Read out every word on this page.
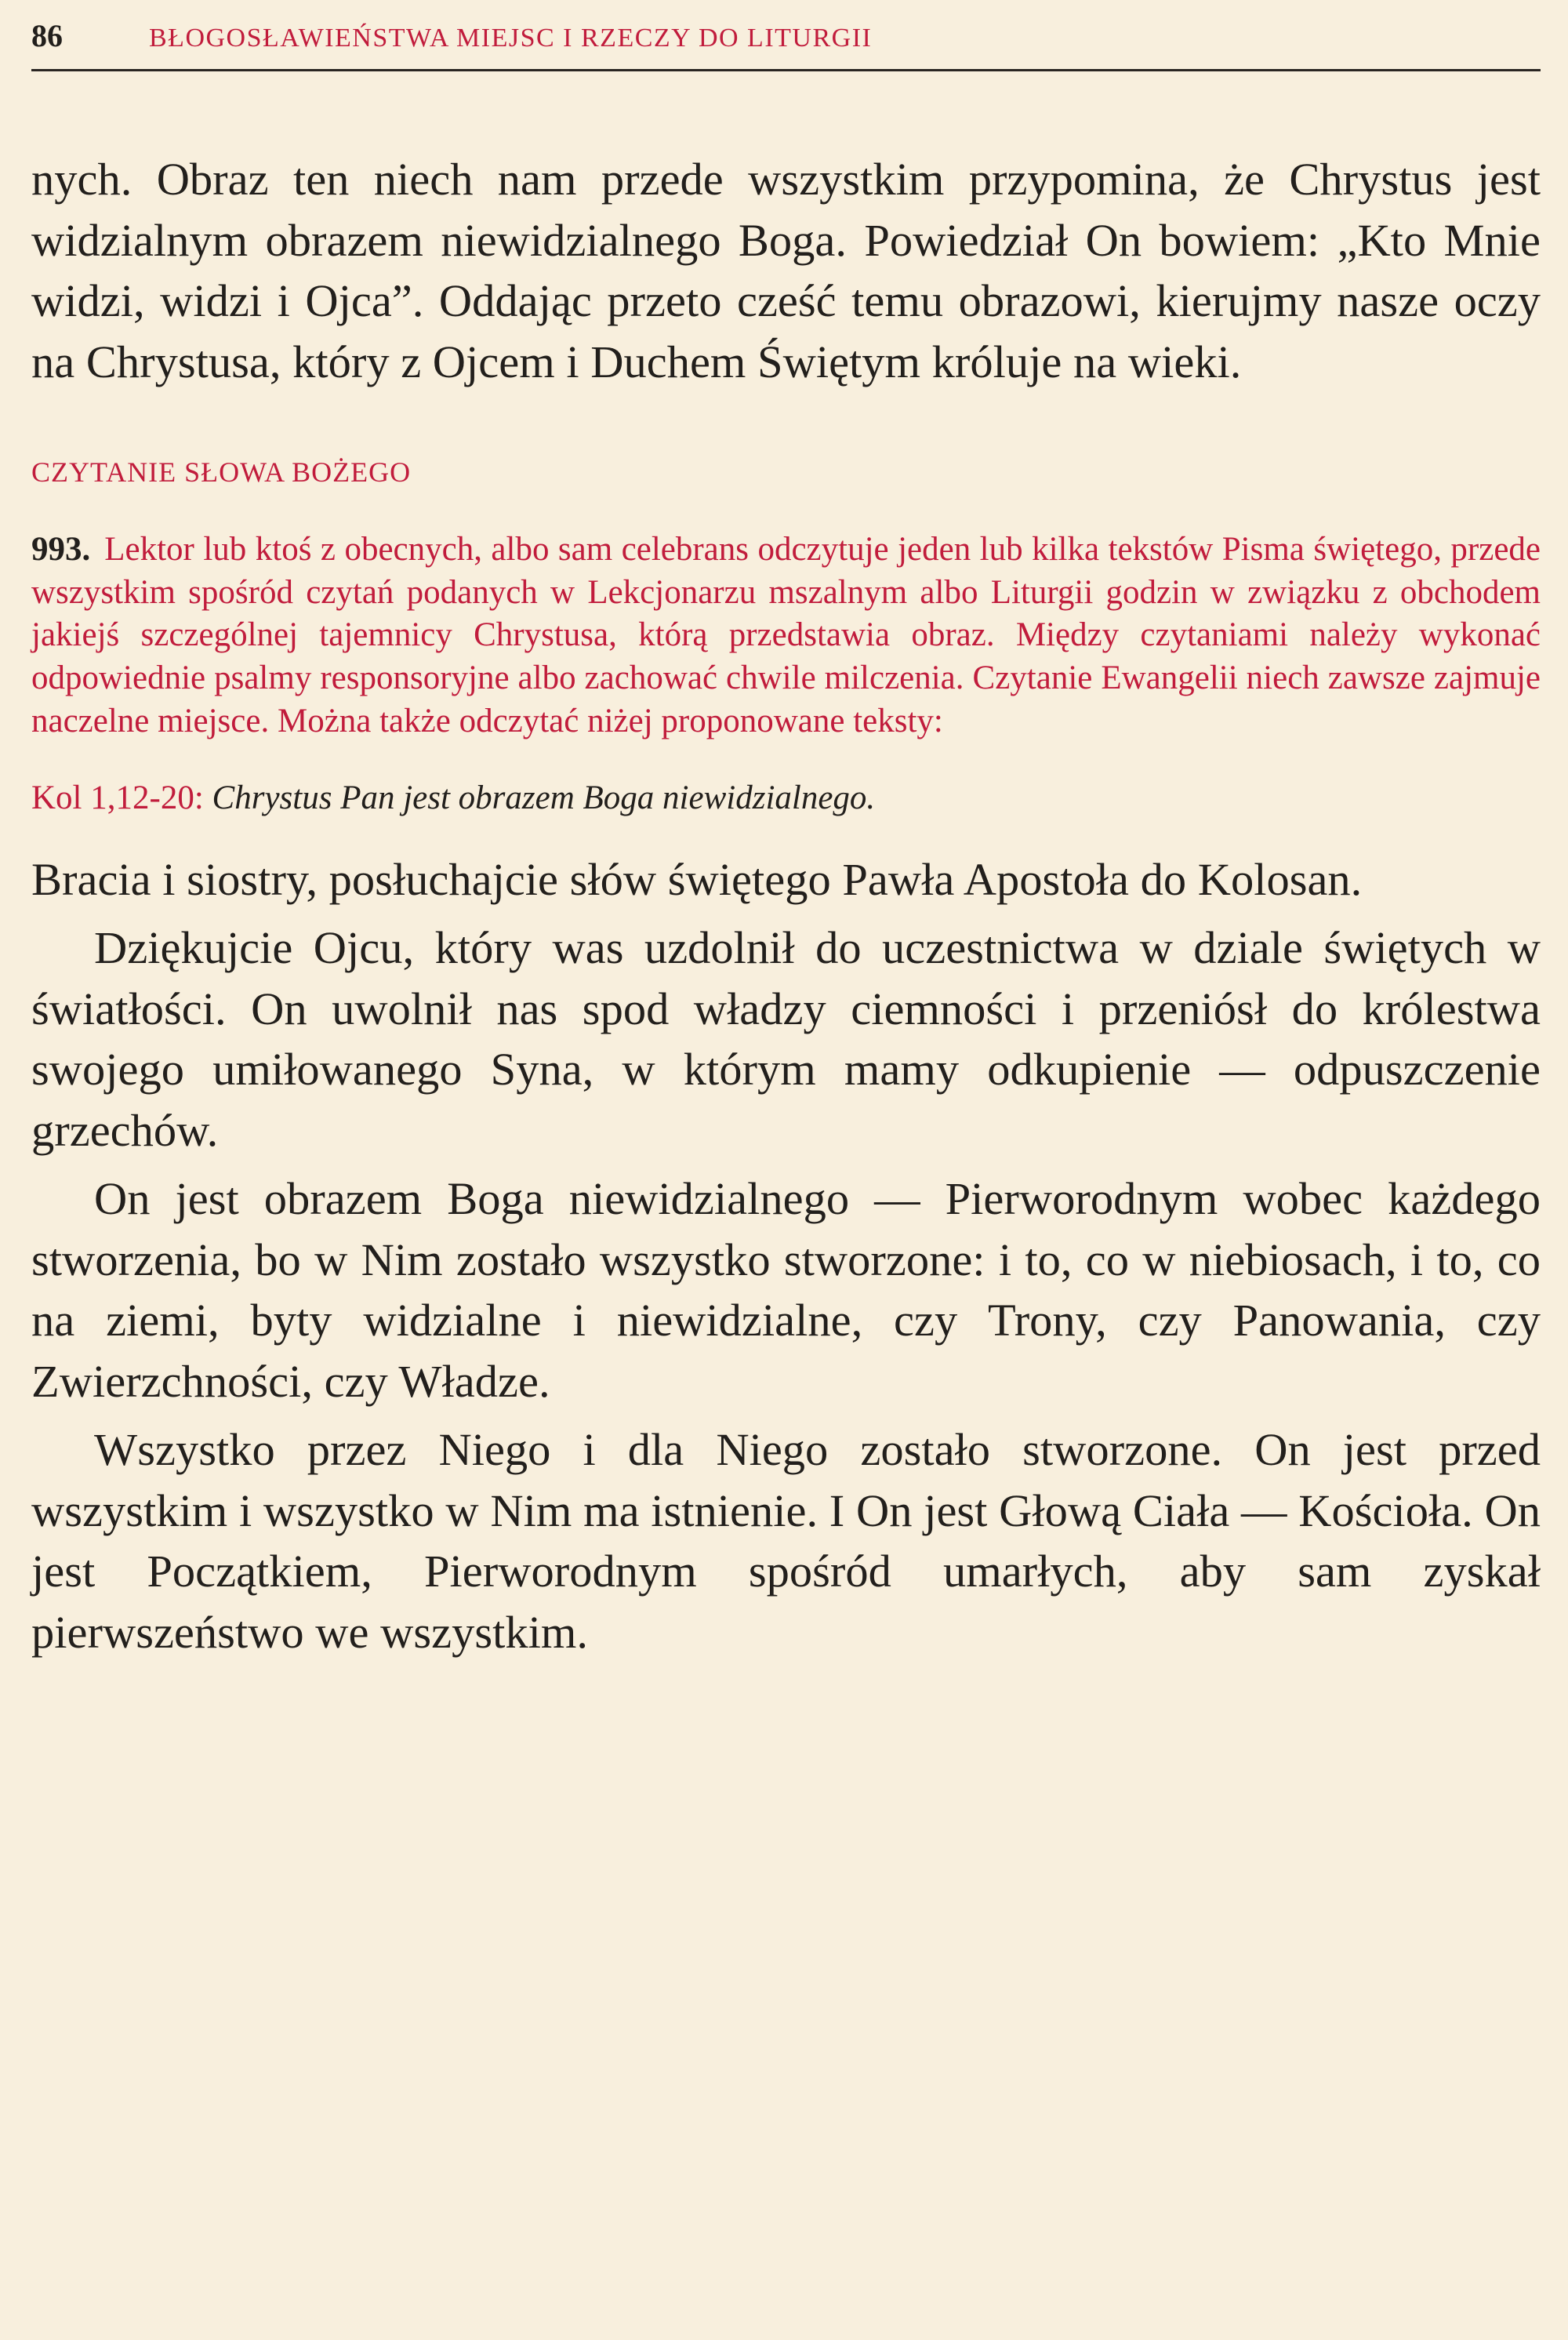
86	BŁOGOSŁAWIEŃSTWA MIEJSC I RZECZY DO LITURGII

nych. Obraz ten niech nam przede wszystkim przypomina, że Chrystus jest widzialnym obrazem niewidzialnego Boga. Powiedział On bowiem: „Kto Mnie widzi, widzi i Ojca”. Oddając przeto cześć temu obrazowi, kierujmy nasze oczy na Chrystusa, który z Ojcem i Duchem Świętym króluje na wieki.

CZYTANIE SŁOWA BOŻEGO

993. Lektor lub ktoś z obecnych, albo sam celebrans odczytuje jeden lub kilka tekstów Pisma świętego, przede wszystkim spośród czytań podanych w Lekcjonarzu mszalnym albo Liturgii godzin w związku z obchodem jakiejś szczególnej tajemnicy Chrystusa, którą przedstawia obraz. Między czytaniami należy wykonać odpowiednie psalmy responsoryjne albo zachować chwile milczenia. Czytanie Ewangelii niech zawsze zajmuje naczelne miejsce. Można także odczytać niżej proponowane teksty:

Kol 1,12-20: Chrystus Pan jest obrazem Boga niewidzialnego.

Bracia i siostry, posłuchajcie słów świętego Pawła Apostoła do Kolosan.

Dziękujcie Ojcu, który was uzdolnił do uczestnictwa w dziale świętych w światłości. On uwolnił nas spod władzy ciemności i przeniósł do królestwa swojego umiłowanego Syna, w którym mamy odkupienie — odpuszczenie grzechów.

On jest obrazem Boga niewidzialnego — Pierworodnym wobec każdego stworzenia, bo w Nim zostało wszystko stworzone: i to, co w niebiosach, i to, co na ziemi, byty widzialne i niewidzialne, czy Trony, czy Panowania, czy Zwierzchności, czy Władze.

Wszystko przez Niego i dla Niego zostało stworzone. On jest przed wszystkim i wszystko w Nim ma istnienie. I On jest Głową Ciała — Kościoła. On jest Początkiem, Pierworodnym spośród umarłych, aby sam zyskał pierwszeństwo we wszystkim.
